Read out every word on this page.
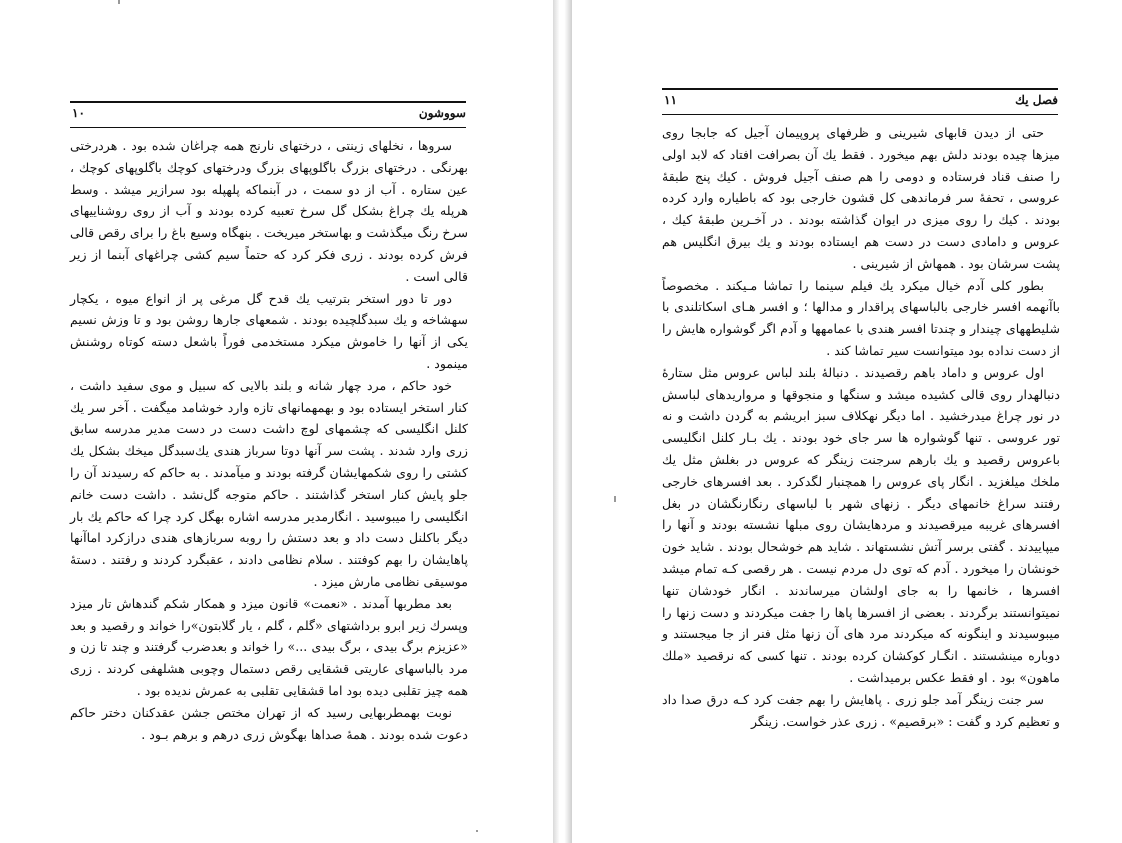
سووشون
۱۰

سروها ، نخلهای زینتی ، درختهای نارنج همه چراغان شده بود . هردرختی بهرنگی . درختهای بزرگ باگلوپهای بزرگ ودرختهای کوچك باگلوپهای کوچك ، عین ستاره . آب از دو سمت ، در آبنماکه پلهپله بود سرازیر میشد . وسط هرپله یك چراغ بشکل گل سرخ تعبیه کرده بودند و آب از روی روشناییهای سرخ رنگ میگذشت و بهاستخر میریخت . بنهگاه وسیع باغ را برای رقص قالی فرش کرده بودند . زری فکر کرد که حتماً سیم کشی چراغهای آبنما از زیر قالی است .

دور تا دور استخر بترتیب یك قدح گل مرغی پر از انواع میوه ، یكچار سهشاخه و یك سبدگلچیده بودند . شمعهای جارها روشن بود و تا وزش نسیم یکی از آنها را خاموش میکرد مستخدمی فوراً باشعل دسته کوتاه روشنش مینمود .

خود حاکم ، مرد چهار شانه و بلند بالایی که سبیل و موی سفید داشت ، کنار استخر ایستاده بود و بهمهمانهای تازه وارد خوشامد میگفت . آخر سر یك کلنل انگلیسی که چشمهای لوچ داشت دست در دست مدیر مدرسه سابق زری وارد شدند . پشت سر آنها دوتا سرباز هندی یك‌سبدگل میخك بشکل یك کشتی را روی شکمهایشان گرفته بودند و میآمدند . به حاکم که رسیدند آن را جلو پایش کنار استخر گذاشتند . حاکم متوجه گل‌نشد . داشت دست خانم انگلیسی را میبوسید . انگارمدیر مدرسه اشاره بهگل کرد چرا که حاکم یك بار دیگر باکلنل دست داد و بعد دستش را روبه سربازهای هندی درازکرد اماآنها پاهایشان را بهم کوفتند . سلام نظامی دادند ، عقبگرد کردند و رفتند . دستهٔ موسیقی نظامی مارش میزد .

بعد مطربها آمدند . «نعمت» قانون میزد و همکار شکم گندهاش تار میزد وپسرك زیر ابرو برداشتهای «گلم ، گلم ، یار گلابتون»را خواند و رقصید و بعد «عزیزم برگ بیدی ، برگ بیدی ...» را خواند و بعدضرب گرفتند و چند تا زن و مرد بالباسهای عاریتی قشقایی رقص دستمال وچوبی هشلهفی کردند . زری همه چیز تقلبی دیده بود اما قشقایی تقلبی به عمرش ندیده بود .

نوبت بهمطربهایی رسید که از تهران مختص جشن عقدکنان دختر حاکم دعوت شده بودند . همهٔ صداها بهگوش زری درهم و برهم بـود .

فصل یك
۱۱

حتی از دیدن قابهای شیرینی و ظرفهای پروپیمان آجیل که جابجا روی میزها چیده بودند دلش بهم میخورد . فقط یك آن بصرافت افتاد که لابد اولی را صنف قناد فرستاده و دومی را هم صنف آجیل فروش . کیك پنج طبقهٔ عروسی ، تحفهٔ سر فرماندهی کل قشون خارجی بود که باطیاره وارد کرده بودند . کیك را روی میزی در ایوان گذاشته بودند . در آخـرین طبقهٔ کیك ، عروس و دامادی دست در دست هم ایستاده بودند و یك بیرق انگلیس هم پشت سرشان بود . همهاش از شیرینی .

بطور کلی آدم خیال میکرد یك فیلم سینما را تماشا مـیکند . مخصوصاً باآنهمه افسر خارجی بالباسهای پراقدار و مدالها ؛ و افسر هـای اسکاتلندی با شلیطههای چیندار و چندتا افسر هندی با عمامهها و آدم اگر گوشواره هایش را از دست نداده بود میتوانست سیر تماشا کند .

اول عروس و داماد باهم رقصیدند . دنبالهٔ بلند لباس عروس مثل ستارهٔ دنبالهدار روی قالی کشیده میشد و سنگها و منجوقها و مرواریدهای لباسش در نور چراغ میدرخشید . اما دیگر نهکلاف سبز ابریشم به گردن داشت و نه تور عروسی . تنها گوشواره ها سر جای خود بودند . یك بـار کلنل انگلیسی باعروس رقصید و یك بارهم سرجنت زینگر که عروس در بغلش مثل یك ملخك میلغزید . انگار پای عروس را همچنبار لگدکرد . بعد افسرهای خارجی رفتند سراغ خانمهای دیگر . زنهای شهر با لباسهای رنگارنگشان در بغل افسرهای غریبه میرقصیدند و مردهایشان روی مبلها نشسته بودند و آنها را میپاییدند . گفتی برسر آتش نشستهاند . شاید هم خوشحال بودند . شاید خون خونشان را میخورد . آدم که توی دل مردم نیست . هر رقصی کـه تمام میشد افسرها ، خانمها را به جای اولشان میرساندند . انگار خودشان تنها نمیتوانستند برگردند . بعضی از افسرها پاها را جفت میکردند و دست زنها را میبوسیدند و اینگونه که میکردند مرد های آن زنها مثل فنر از جا میجستند و دوباره مینشستند . انگـار کوکشان کرده بودند . تنها کسی که نرقصید «ملك ماهون» بود . او فقط عکس برمیداشت .

سر جنت زینگر آمد جلو زری . پاهایش را بهم جفت کرد کـه درق صدا داد و تعظیم کرد و گفت : «برقصیم» . زری عذر خواست. زینگر
